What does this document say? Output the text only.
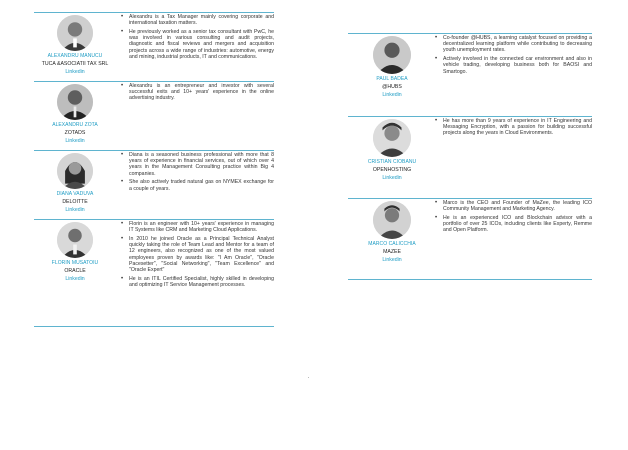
ALEXANDRU MANUCU
TUCA &ASOCIATII TAX SRL
Linkedin
• Alexandru is a Tax Manager mainly covering corporate and international taxation matters.
• He previously worked as a senior tax consultant with PwC, he was involved in various consulting and audit projects, diagnostic and fiscal reviews and mergers and acquisition projects across a wide range of industries: automotive, energy and mining, industrial products, IT and communications.
ALEXANDRU ZOTA
ZOTADS
Linkedin
• Alexandru is an entrepreneur and investor with several successful exits and 10+ years' experience in the online advertising industry.
DIANA VADUVA
DELOITTE
Linkedin
• Diana is a seasoned business professional with more that 8 years of experience in financial services, out of which over 4 years in the Management Consulting practice within Big 4 companies.
• She also actively traded natural gas on NYMEX exchange for a couple of years.
FLORIN MUSATOIU
ORACLE
Linkedin
• Florin is an engineer with 10+ years' experience in managing IT Systems like CRM and Marketing Cloud Applications.
• In 2010 he joined Oracle as a Principal Technical Analyst quickly taking the role of Team Lead and Mentor for a team of 12 engineers, also recognized as one of the most valued employees proven by awards like: "I Am Oracle", "Oracle Pacesetter", "Social Networking", "Team Excellence" and "Oracle Expert"
• He is an ITIL Certified Specialist, highly skilled in developing and optimizing IT Service Management processes.
PAUL BADEA
@HUBS
Linkedin
• Co-founder @HUBS, a learning catalyst focused on providing a decentralized learning platform while contributing to decreasing youth unemployment rates.
• Actively involved in the connected car environment and also in vehicle trading, developing business both for BAOSI and Smartogo.
CRISTIAN CIOBANU
OPENHOSTING
Linkedin
• He has more than 9 years of experience in IT Engineering and Messaging Encryption, with a passion for building successful projects along the years in Cloud Environments.
MARCO CALICCHIA
MAZEE
Linkedin
• Marco is the CEO and Founder of MaZee, the leading ICO Community Management and Marketing Agency.
• He is an experienced ICO and Blockchain advisor with a portfolio of over 25 ICOs, including clients like Experty, Remme and Open Platform.
